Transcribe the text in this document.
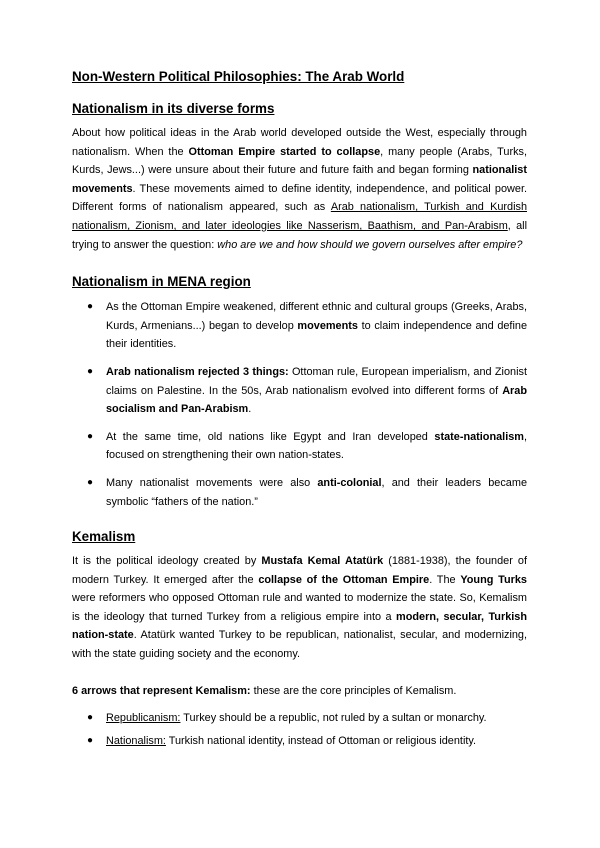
Non-Western Political Philosophies: The Arab World
Nationalism in its diverse forms

About how political ideas in the Arab world developed outside the West, especially through nationalism. When the Ottoman Empire started to collapse, many people (Arabs, Turks, Kurds, Jews...) were unsure about their future and future faith and began forming nationalist movements. These movements aimed to define identity, independence, and political power. Different forms of nationalism appeared, such as Arab nationalism, Turkish and Kurdish nationalism, Zionism, and later ideologies like Nasserism, Baathism, and Pan-Arabism, all trying to answer the question: who are we and how should we govern ourselves after empire?

Nationalism in MENA region
● As the Ottoman Empire weakened, different ethnic and cultural groups (Greeks, Arabs, Kurds, Armenians...) began to develop movements to claim independence and define their identities.
● Arab nationalism rejected 3 things: Ottoman rule, European imperialism, and Zionist claims on Palestine. In the 50s, Arab nationalism evolved into different forms of Arab socialism and Pan-Arabism.
● At the same time, old nations like Egypt and Iran developed state-nationalism, focused on strengthening their own nation-states.
● Many nationalist movements were also anti-colonial, and their leaders became symbolic “fathers of the nation.”
Kemalism

It is the political ideology created by Mustafa Kemal Atatürk (1881-1938), the founder of modern Turkey. It emerged after the collapse of the Ottoman Empire. The Young Turks were reformers who opposed Ottoman rule and wanted to modernize the state. So, Kemalism is the ideology that turned Turkey from a religious empire into a modern, secular, Turkish nation-state. Atatürk wanted Turkey to be republican, nationalist, secular, and modernizing, with the state guiding society and the economy.

6 arrows that represent Kemalism: these are the core principles of Kemalism.

● Republicanism: Turkey should be a republic, not ruled by a sultan or monarchy.
● Nationalism: Turkish national identity, instead of Ottoman or religious identity.
